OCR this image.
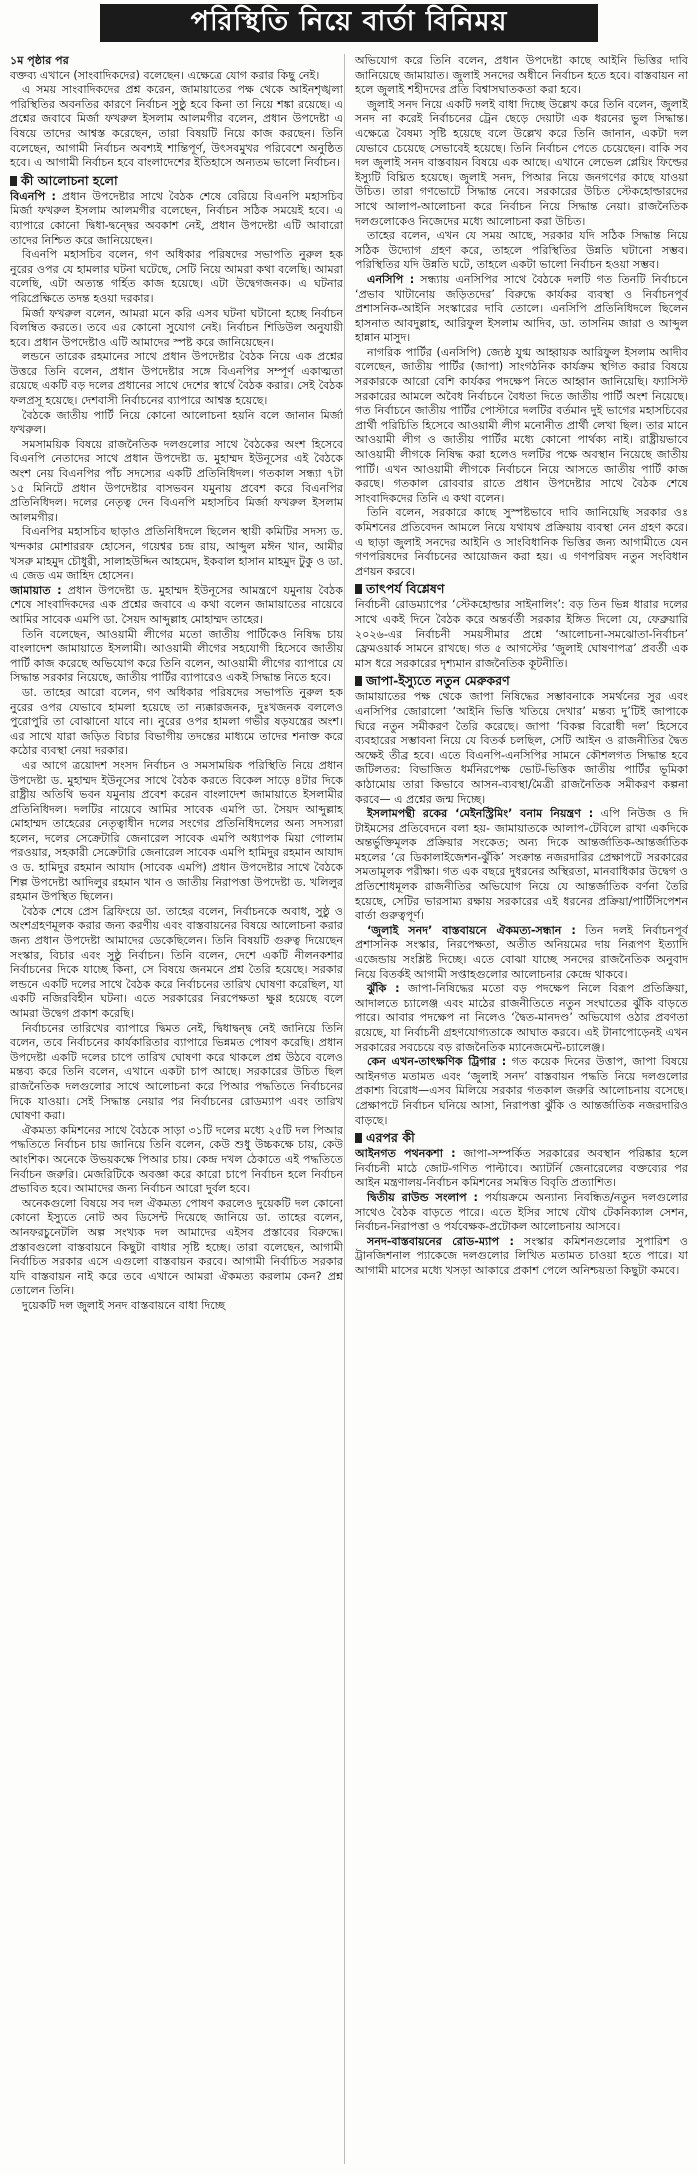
পরিস্থিতি নিয়ে বার্তা বিনিময়
১ম পৃষ্ঠার পর

বক্তব্য এখানে (সাংবাদিকদের) বলেছেন। এক্ষেত্রে যোগ করার কিছু নেই।

এ সময় সাংবাদিকদের প্রশ্ন করেন, জামায়াতের পক্ষ থেকে আইনশৃঙ্খলা পরিস্থিতির অবনতির কারণে নির্বাচন সুষ্ঠু হবে কিনা তা নিয়ে শঙ্কা রয়েছে। এ প্রশ্নের জবাবে মির্জা ফখরুল ইসলাম আলমগীর বলেন, প্রধান উপদেষ্টা এ বিষয়ে তাদের আশ্বস্ত করেছেন, তারা বিষয়টি নিয়ে কাজ করছেন। তিনি বলেছেন, আগামী নির্বাচন অবশ্যই শান্তিপূর্ণ, উৎসবমুখর পরিবেশে অনুষ্ঠিত হবে। এ আগামী নির্বাচন হবে বাংলাদেশের ইতিহাসে অন্যতম ভালো নির্বাচন।

কী আলোচনা হলো

বিএনপি : প্রধান উপদেষ্টার সাথে বৈঠক শেষে বেরিয়ে বিএনপি মহাসচিব মির্জা ফখরুল ইসলাম আলমগীর বলেছেন, নির্বাচন সঠিক সময়েই হবে। এ ব্যাপারে কোনো দ্বিধা-দ্বন্দ্বের অবকাশ নেই, প্রধান উপদেষ্টা এটি আবারো তাদের নিশ্চিত করে জানিয়েছেন।

বিএনপি মহাসচিব বলেন, গণ অধিকার পরিষদের সভাপতি নুরুল হক নুরের ওপর যে হামলার ঘটনা ঘটেছে, সেটি নিয়ে আমরা কথা বলেছি। আমরা বলেছি, এটা অত্যন্ত গর্হিত কাজ হয়েছে। এটা উদ্বেগজনক। এ ঘটনার পরিপ্রেক্ষিতে তদন্ত হওয়া দরকার।

মির্জা ফখরুল বলেন, আমরা মনে করি এসব ঘটনা ঘটানো হচ্ছে নির্বাচন বিলম্বিত করতে। তবে এর কোনো সুযোগ নেই। নির্বাচন শিডিউল অনুযায়ী হবে। প্রধান উপদেষ্টাও এটি আমাদের স্পষ্ট করে জানিয়েছেন।

লন্ডনে তারেক রহমানের সাথে প্রধান উপদেষ্টার বৈঠক নিয়ে এক প্রশ্নের উত্তরে তিনি বলেন, প্রধান উপদেষ্টার সঙ্গে বিএনপির সম্পূর্ণ একাত্মতা রয়েছে একটি বড় দলের প্রধানের সাথে দেশের স্বার্থে বৈঠক করার। সেই বৈঠক ফলপ্রসূ হয়েছে। দেশবাসী নির্বাচনের ব্যাপারে আশ্বস্ত হয়েছে।

বৈঠকে জাতীয় পার্টি নিয়ে কোনো আলোচনা হয়নি বলে জানান মির্জা ফখরুল।

সমসাময়িক বিষয়ে রাজনৈতিক দলগুলোর সাথে বৈঠকের অংশ হিসেবে বিএনপি নেতাদের সাথে প্রধান উপদেষ্টা ড. মুহাম্মদ ইউনূসের এই বৈঠকে অংশ নেয় বিএনপির পাঁচ সদস্যের একটি প্রতিনিধিদল। গতকাল সন্ধ্যা ৭টা ১৫ মিনিটে প্রধান উপদেষ্টার বাসভবন যমুনায় প্রবেশ করে বিএনপির প্রতিনিধিদল। দলের নেতৃত্ব দেন বিএনপি মহাসচিব মির্জা ফখরুল ইসলাম আলমগীর।

বিএনপির মহাসচিব ছাড়াও প্রতিনিধিদলে ছিলেন স্থায়ী কমিটির সদস্য ড. খন্দকার মোশাররফ হোসেন, গয়েশ্বর চন্দ্র রায়, আব্দুল মঈন খান, আমীর খসরু মাহমুদ চৌধুরী, সালাহউদ্দিন আহমেদ, ইকবাল হাসান মাহমুদ টুকু ও ডা. এ জেড এম জাহিদ হোসেন।

জামায়াত : প্রধান উপদেষ্টা ড. মুহাম্মদ ইউনূসের আমন্ত্রণে যমুনায় বৈঠক শেষে সাংবাদিকদের এক প্রশ্নের জবাবে এ কথা বলেন জামায়াতের নায়েবে আমির সাবেক এমপি ডা. সৈয়দ আব্দুল্লাহ মোহাম্মদ তাহের।

তিনি বলেছেন, আওয়ামী লীগের মতো জাতীয় পার্টিকেও নিষিদ্ধ চায় বাংলাদেশ জামায়াতে ইসলামী। আওয়ামী লীগের সহযোগী হিসেবে জাতীয় পার্টি কাজ করেছে অভিযোগ করে তিনি বলেন, আওয়ামী লীগের ব্যাপারে যে সিদ্ধান্ত সরকার নিয়েছে, জাতীয় পার্টির ব্যাপারেও একই সিদ্ধান্ত নিতে হবে।

ডা. তাহের আরো বলেন, গণ অধিকার পরিষদের সভাপতি নুরুল হক নুরের ওপর যেভাবে হামলা হয়েছে তা ন্যক্কারজনক, দুঃখজনক বললেও পুরোপুরি তা বোঝানো যাবে না। নুরের ওপর হামলা গভীর ষড়যন্ত্রের অংশ। এর সাথে যারা জড়িত বিচার বিভাগীয় তদন্তের মাধ্যমে তাদের শনাক্ত করে কঠোর ব্যবস্থা নেয়া দরকার।

এর আগে ত্রয়োদশ সংসদ নির্বাচন ও সমসাময়িক পরিস্থিতি নিয়ে প্রধান উপদেষ্টা ড. মুহাম্মদ ইউনূসের সাথে বৈঠক করতে বিকেল সাড়ে ৪টার দিকে রাষ্ট্রীয় অতিথি ভবন যমুনায় প্রবেশ করেন বাংলাদেশ জামায়াতে ইসলামীর প্রতিনিধিদল। দলটির নায়েবে আমির সাবেক এমপি ডা. সৈয়দ আব্দুল্লাহ মোহাম্মদ তাহেরের নেতৃত্বাধীন দলের সংগের প্রতিনিধিদলের অন্য সদস্যরা হলেন, দলের সেক্রেটারি জেনারেল সাবেক এমপি অধ্যাপক মিয়া গোলাম পরওয়ার, সহকারী সেক্রেটারি জেনারেল সাবেক এমপি হামিদুর রহমান আযাদ ও ড. হামিদুর রহমান আযাদ (সাবেক এমপি) প্রধান উপদেষ্টার সাথে বৈঠকে শিল্প উপদেষ্টা আদিলুর রহমান খান ও জাতীয় নিরাপত্তা উপদেষ্টা ড. খলিলুর রহমান উপস্থিত ছিলেন।

বৈঠক শেষে প্রেস ব্রিফিংয়ে ডা. তাহের বলেন, নির্বাচনকে অবাধ, সুষ্ঠু ও অংশগ্রহণমূলক করার জন্য করণীয় এবং বাস্তবায়নের বিষয়ে আলোচনা করার জন্য প্রধান উপদেষ্টা আমাদের ডেকেছিলেন। তিনি বিষয়টি গুরুত্ব দিয়েছেন সংস্কার, বিচার এবং সুষ্ঠু নির্বাচন। তিনি বলেন, দেশে একটি নীলনকশার নির্বাচনের দিকে যাচ্ছে কিনা, সে বিষয়ে জনমনে প্রশ্ন তৈরি হয়েছে। সরকার লন্ডনে একটি দলের সাথে বৈঠক করে নির্বাচনের তারিখ ঘোষণা করেছিল, যা একটি নজিরবিহীন ঘটনা। এতে সরকারের নিরপেক্ষতা ক্ষুণ্ণ হয়েছে বলে আমরা উদ্বেগ প্রকাশ করেছি।

নির্বাচনের তারিখের ব্যাপারে দ্বিমত নেই, দ্বিধাদ্বন্দ্ব নেই জানিয়ে তিনি বলেন, তবে নির্বাচনের কার্যকারিতার ব্যাপারে ভিন্নমত পোষণ করেছি। প্রধান উপদেষ্টা একটি দলের চাপে তারিখ ঘোষণা করে থাকলে প্রশ্ন উঠবে বলেও মন্তব্য করে তিনি বলেন, এখানে একটা চাপ আছে। সরকারের উচিত ছিল রাজনৈতিক দলগুলোর সাথে আলোচনা করে পিআর পদ্ধতিতে নির্বাচনের দিকে যাওয়া। সেই সিদ্ধান্ত নেয়ার পর নির্বাচনের রোডম্যাপ এবং তারিখ ঘোষণা করা।

ঐকমত্য কমিশনের সাথে বৈঠকে সাড়া ৩১টি দলের মধ্যে ২৫টি দল পিআর পদ্ধতিতে নির্বাচন চায় জানিয়ে তিনি বলেন, কেউ শুধু উচ্চকক্ষে চায়, কেউ আংশিক। অনেকে উভয়কক্ষে পিআর চায়। কেন্দ্র দখল ঠেকাতে এই পদ্ধতিতে নির্বাচন জরুরি। মেজরিটিকে অবজ্ঞা করে কারো চাপে নির্বাচন হলে নির্বাচন প্রভাবিত হবে। আমাদের জন্য নির্বাচন আরো দুর্বল হবে।

অনেকগুলো বিষয়ে সব দল ঐকমত্য পোষণ করলেও দুয়েকটি দল কোনো কোনো ইস্যুতে নোট অব ডিসেন্ট দিয়েছে জানিয়ে ডা. তাহের বলেন, আনফরচুনেটলি অল্প সংখ্যক দল আমাদের এইসব প্রস্তাবের বিরুদ্ধে। প্রস্তাবগুলো বাস্তবায়নে কিছুটা বাধার সৃষ্টি হচ্ছে। তারা বলেছেন, আগামী নির্বাচিত সরকার এসে এগুলো বাস্তবায়ন করবে। আগামী নির্বাচিত সরকার যদি বাস্তবায়ন নাই করে তবে এখানে আমরা ঐকমত্য করলাম কেন? প্রশ্ন তোলেন তিনি।

দুয়েকটি দল জুলাই সনদ বাস্তবায়নে বাধা দিচ্ছে

অভিযোগ করে তিনি বলেন, প্রধান উপদেষ্টা কাছে আইনি ভিত্তির দাবি জানিয়েছে জামায়াত। জুলাই সনদের অধীনে নির্বাচন হতে হবে। বাস্তবায়ন না হলে জুলাই শহীদদের প্রতি বিশ্বাসঘাতকতা করা হবে।

জুলাই সনদ নিয়ে একটি দলই বাধা দিচ্ছে উল্লেখ করে তিনি বলেন, জুলাই সনদ না করেই নির্বাচনের ট্রেন ছেড়ে দেয়াটা এক ধরনের ভুল সিদ্ধান্ত। এক্ষেত্রে বৈষম্য সৃষ্টি হয়েছে বলে উল্লেখ করে তিনি জানান, একটা দল যেভাবে চেয়েছে সেভাবেই হয়েছে। তিনি নির্বাচন পেতে চেয়েছেন। বাকি সব দল জুলাই সনদ বাস্তবায়ন বিষয়ে এক আছে। এখানে লেভেল প্লেয়িং ফিল্ডের ইস্যুটি বিঘ্নিত হয়েছে। জুলাই সনদ, পিআর নিয়ে জনগণের কাছে যাওয়া উচিত। তারা গণভোটে সিদ্ধান্ত নেবে। সরকারের উচিত স্টেকহোল্ডারদের সাথে আলাপ-আলোচনা করে নির্বাচন নিয়ে সিদ্ধান্ত নেয়া। রাজনৈতিক দলগুলোকেও নিজেদের মধ্যে আলোচনা করা উচিত।

তাহের বলেন, এখন যে সময় আছে, সরকার যদি সঠিক সিদ্ধান্ত নিয়ে সঠিক উদ্যোগ গ্রহণ করে, তাহলে পরিস্থিতির উন্নতি ঘটানো সম্ভব। পরিস্থিতির যদি উন্নতি ঘটে, তাহলে একটা ভালো নির্বাচন হওয়া সম্ভব।

এনসিপি : সন্ধ্যায় এনসিপির সাথে বৈঠকে দলটি গত তিনটি নির্বাচনে ‘প্রভাব খাটানোয় জড়িতদের’ বিরুদ্ধে কার্যকর ব্যবস্থা ও নির্বাচনপূর্ব প্রশাসনিক-আইনি সংস্কারের দাবি তোলে। এনসিপি প্রতিনিধিদলে ছিলেন হাসনাত আবদুল্লাহ, আরিফুল ইসলাম আদিব, ডা. তাসনিম জারা ও আব্দুল হান্নান মাসুদ।

নাগরিক পার্টির (এনসিপি) জ্যেষ্ঠ যুগ্ম আহ্বায়ক আরিফুল ইসলাম আদীব বলেছেন, জাতীয় পার্টির (জাপা) সাংগঠনিক কার্যক্রম স্থগিত করার বিষয়ে সরকারকে আরো বেশি কার্যকর পদক্ষেপ নিতে আহ্বান জানিয়েছি। ফ্যাসিস্ট সরকারের আমলে অবৈধ নির্বাচনে বৈধতা দিতে জাতীয় পার্টি অংশ নিয়েছে। গত নির্বাচনে জাতীয় পার্টির পোস্টারে দলটির বর্তমান দুই ভাগের মহাসচিবের প্রার্থী পরিচিতি হিসেবে আওয়ামী লীগ মনোনীত প্রার্থী লেখা ছিল। তার মানে আওয়ামী লীগ ও জাতীয় পার্টির মধ্যে কোনো পার্থক্য নাই। রাষ্ট্রীয়ভাবে আওয়ামী লীগকে নিষিদ্ধ করা হলেও দলটির পক্ষে অবস্থান নিয়েছে জাতীয় পার্টি। এখন আওয়ামী লীগকে নির্বাচনে নিয়ে আসতে জাতীয় পার্টি কাজ করছে। গতকাল রোববার রাতে প্রধান উপদেষ্টার সাথে বৈঠক শেষে সাংবাদিকদের তিনি এ কথা বলেন।

তিনি বলেন, সরকারে কাছে সুস্পষ্টভাবে দাবি জানিয়েছি সরকার ওঃ কমিশনের প্রতিবেদন আমলে নিয়ে যথাযথ প্রক্রিয়ায় ব্যবস্থা নেন গ্রহণ করে। এ ছাড়া জুলাই সনদের আইনি ও সাংবিধানিক ভিত্তির জন্য আগামীতে যেন গণপরিষদের নির্বাচনের আয়োজন করা হয়। এ গণপরিষদ নতুন সংবিধান প্রণয়ন করবে।

তাৎপর্য বিশ্লেষণ

নির্বাচনী রোডম্যাপের ‘স্টেকহোল্ডার সাইনালিং’: বড় তিন ভিন্ন ধারার দলের সাথে একই দিনে বৈঠক করে অন্তর্বর্তী সরকার ইঙ্গিত দিলো যে, ফেব্রুয়ারি ২০২৬-এর নির্বাচনী সময়সীমার প্রশ্নে ‘আলোচনা-সমঝোতা-নির্বাচন’ ফ্রেমওয়ার্ক সামনে রাখছে। গত ৫ আগস্টের ‘জুলাই ঘোষণাপত্র’ প্রবর্তী এক মাস ধরে সরকারের দৃশ্যমান রাজনৈতিক কূটনীতি।

জাপা-ইস্যুতে নতুন মেরুকরণ

জামায়াতের পক্ষ থেকে জাপা নিষিদ্ধের সম্ভাবনাকে সমর্থনের সুর এবং এনসিপির জোরালো ‘আইনি ভিত্তি খতিয়ে দেখার’ মন্তব্য দু’টিই জাপাকে ঘিরে নতুন সমীকরণ তৈরি করেছে। জাপা ‘বিকল্প বিরোধী দল’ হিসেবে ব্যবহারের সম্ভাবনা নিয়ে যে বিতর্ক চলছিল, সেটি আইন ও রাজনীতির দ্বৈত অক্ষেই তীব্র হবে। এতে বিএনপি-এনসিপির সামনে কৌশলগত সিদ্ধান্ত হবে জটিলতর: বিভাজিত ধর্মনিরপেক্ষ ভোট-ভিত্তিক জাতীয় পার্টির ভূমিকা কাঠামোয় তারা কিভাবে আসন-ব্যবস্থা/মৈত্রী রাজনৈতিক সমীকরণ কল্পনা করবে— এ প্রশ্নের জন্ম দিচ্ছে।

ইসলামপন্থী রকের ‘মেইনস্ট্রিমিং’ বনাম নিয়ন্ত্রণ : এপি নিউজ ও দি টাইমসের প্রতিবেদনে বলা হয়- জামায়াতকে আলাপ-টেবিলে রাখা একদিকে অন্তর্ভুক্তিমূলক প্রক্রিয়ার সংকেত; অন্য দিকে আন্তর্জাতিক-আন্তর্জাতিক মহলের ‘রে ডিকালাইজেশন-ঝুঁকি’ সংক্রান্ত নজরদারির প্রেক্ষাপটে সরকারের সমতামূলক পরীক্ষা। গত এক বছরে দুধরনের অস্থিরতা, মানবাধিকার উদ্বেগ ও প্রতিশোধমূলক রাজনীতির অভিযোগ নিয়ে যে আন্তর্জাতিক বর্ণনা তৈরি হয়েছে, সেটির ভারসাম্য রক্ষায় সরকারের এই ধরনের প্রক্রিয়া/পার্টিসিপেশন বার্তা গুরুত্বপূর্ণ।

‘জুলাই সনদ’ বাস্তবায়নে ঐকমত্য-সন্ধান : তিন দলই নির্বাচনপূর্ব প্রশাসনিক সংস্কার, নিরপেক্ষতা, অতীত অনিয়মের দায় নিরূপণ ইত্যাদি এজেন্ডায় সংশ্লিষ্ট দিচ্ছে। এতে বোঝা যাচ্ছে সনদের রাজনৈতিক অনুবাদ নিয়ে বিতর্কই আগামী সপ্তাহগুলোর আলোচনার কেন্দ্রে থাকবে।

ঝুঁকি : জাপা-নিষিদ্ধের মতো বড় পদক্ষেপ নিলে বিরূপ প্রতিক্রিয়া, আদালতে চ্যালেঞ্জ এবং মাঠের রাজনীতিতে নতুন সংঘাতের ঝুঁকি বাড়তে পারে। আবার পদক্ষেপ না নিলেও ‘দ্বৈত-মানদণ্ড’ অভিযোগ ওঠার প্রবণতা রয়েছে, যা নির্বাচনী গ্রহণযোগ্যতাকে আঘাত করবে। এই টানাপোড়েনই এখন সরকারের সবচেয়ে বড় রাজনৈতিক ম্যানেজমেন্ট-চ্যালেঞ্জ।

কেন এখন-তাৎক্ষণিক ট্রিগার : গত কয়েক দিনের উত্তাপ, জাপা বিষয়ে আইনগত মতামত এবং ‘জুলাই সনদ’ বাস্তবায়ন পদ্ধতি নিয়ে দলগুলোর প্রকাশ্য বিরোধ—এসব মিলিয়ে সরকার গতকাল জরুরি আলোচনায় বসেছে। প্রেক্ষাপটে নির্বাচন ঘনিয়ে আসা, নিরাপত্তা ঝুঁকি ও আন্তর্জাতিক নজরদারিও বাড়ছে।

এরপর কী

আইনগত পথনকশা : জাপা-সম্পর্কিত সরকারের অবস্থান পরিষ্কার হলে নির্বাচনী মাঠে জোট-গণিত পাল্টাবে। অ্যাটর্নি জেনারেলের বক্তব্যের পর আইন মন্ত্রণালয়-নির্বাচন কমিশনের সমন্বিত বিবৃতি প্রত্যাশিত।

দ্বিতীয় রাউন্ড সংলাপ : পর্যায়ক্রমে অন্যান্য নিবন্ধিত/নতুন দলগুলোর সাথেও বৈঠক বাড়তে পারে। এতে ইসির সাথে যৌথ টেকনিক্যাল সেশন, নির্বাচন-নিরাপত্তা ও পর্যবেক্ষক-প্রটোকল আলোচনায় আসবে।

সনদ-বাস্তবায়নের রোড-ম্যাপ : সংস্কার কমিশনগুলোর সুপারিশ ও ট্রানজিশনাল প্যাকেজে দলগুলোর লিখিত মতামত চাওয়া হতে পারে। যা আগামী মাসের মধ্যে খসড়া আকারে প্রকাশ পেলে অনিশ্চয়তা কিছুটা কমবে।
